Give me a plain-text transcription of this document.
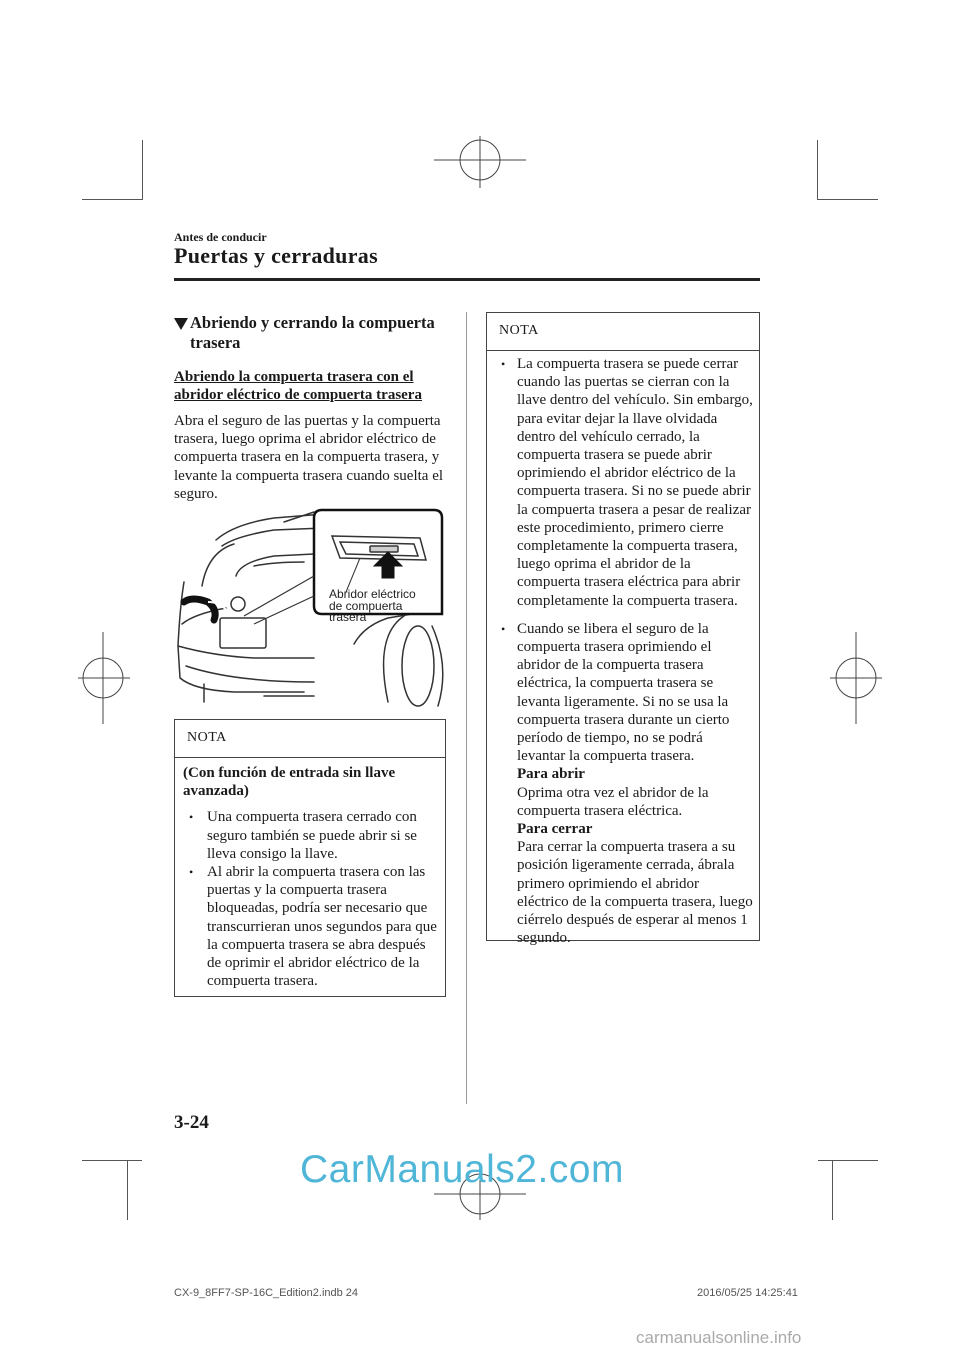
Antes de conducir
Puertas y cerraduras
Abriendo y cerrando la compuerta trasera
Abriendo la compuerta trasera con el abridor eléctrico de compuerta trasera
Abra el seguro de las puertas y la compuerta trasera, luego oprima el abridor eléctrico de compuerta trasera en la compuerta trasera, y levante la compuerta trasera cuando suelta el seguro.
Abridor eléctrico
de compuerta
trasera
NOTA
(Con función de entrada sin llave avanzada)
• Una compuerta trasera cerrado con seguro también se puede abrir si se lleva consigo la llave.
• Al abrir la compuerta trasera con las puertas y la compuerta trasera bloqueadas, podría ser necesario que transcurrieran unos segundos para que la compuerta trasera se abra después de oprimir el abridor eléctrico de la compuerta trasera.
NOTA
• La compuerta trasera se puede cerrar cuando las puertas se cierran con la llave dentro del vehículo. Sin embargo, para evitar dejar la llave olvidada dentro del vehículo cerrado, la compuerta trasera se puede abrir oprimiendo el abridor eléctrico de la compuerta trasera. Si no se puede abrir la compuerta trasera a pesar de realizar este procedimiento, primero cierre completamente la compuerta trasera, luego oprima el abridor de la compuerta trasera eléctrica para abrir completamente la compuerta trasera.
• Cuando se libera el seguro de la compuerta trasera oprimiendo el abridor de la compuerta trasera eléctrica, la compuerta trasera se levanta ligeramente. Si no se usa la compuerta trasera durante un cierto período de tiempo, no se podrá levantar la compuerta trasera.
Para abrir
Oprima otra vez el abridor de la compuerta trasera eléctrica.
Para cerrar
Para cerrar la compuerta trasera a su posición ligeramente cerrada, ábrala primero oprimiendo el abridor eléctrico de la compuerta trasera, luego ciérrelo después de esperar al menos 1 segundo.
3-24
CarManuals2.com
CX-9_8FF7-SP-16C_Edition2.indb 24	2016/05/25 14:25:41
carmanualsonline.info
